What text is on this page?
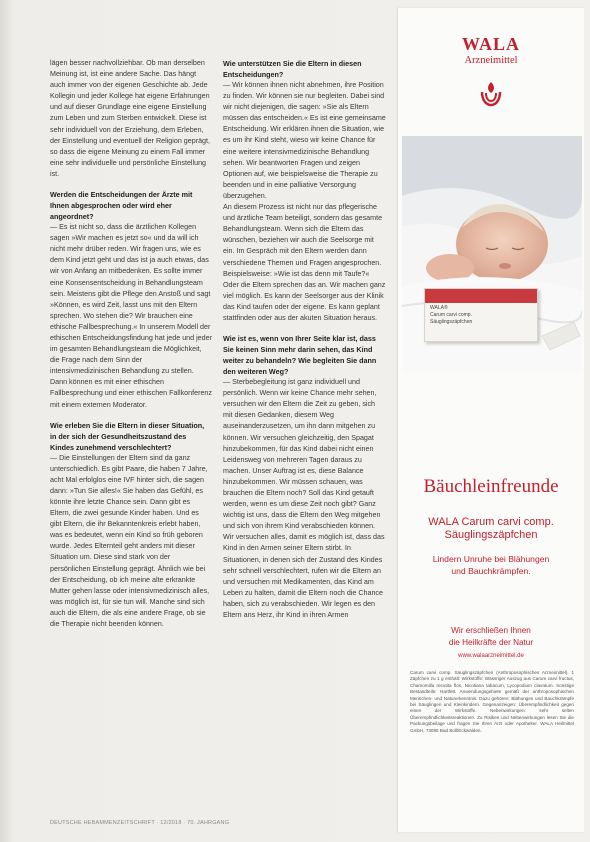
lägen besser nachvollziehbar. Ob man derselben Meinung ist, ist eine andere Sache. Das hängt auch immer von der eigenen Geschichte ab. Jede Kollegin und jeder Kollege hat eigene Erfahrungen und auf dieser Grundlage eine eigene Einstellung zum Leben und zum Sterben entwickelt. Diese ist sehr individuell von der Erziehung, dem Erleben, der Einstellung und eventuell der Religion geprägt, so dass die eigene Meinung zu einem Fall immer eine sehr individuelle und persönliche Einstellung ist.

Werden die Entscheidungen der Ärzte mit Ihnen abgesprochen oder wird eher angeordnet?

— Es ist nicht so, dass die ärztlichen Kollegen sagen »Wir machen es jetzt so« und da will ich nicht mehr drüber reden. Wir fragen uns, wie es dem Kind jetzt geht und das ist ja auch etwas, das wir von Anfang an mitbedenken. Es sollte immer eine Konsensentscheidung in Behandlungsteam sein. Meistens gibt die Pflege den Anstoß und sagt »Können, es wird Zeit, lasst uns mit den Eltern sprechen. Wo stehen die? Wir brauchen eine ethische Fallbesprechung.« In unserem Modell der ethischen Entscheidungsfindung hat jede und jeder im gesamten Behandlungsteam die Möglichkeit, die Frage nach dem Sinn der intensivmedizinischen Behandlung zu stellen. Dann können es mit einer ethischen Fallbesprechung und einer ethischen Fallkonferenz mit einem externen Moderator.

Wie erleben Sie die Eltern in dieser Situation, in der sich der Gesundheitszustand des Kindes zunehmend verschlechtert?

— Die Einstellungen der Eltern sind da ganz unterschiedlich. Es gibt Paare, die haben 7 Jahre, acht Mal erfolglos eine IVF hinter sich, die sagen dann: »Tun Sie alles!« Sie haben das Gefühl, es könnte ihre letzte Chance sein. Dann gibt es Eltern, die zwei gesunde Kinder haben. Und es gibt Eltern, die ihr Bekanntenkreis erlebt haben, was es bedeutet, wenn ein Kind so früh geboren wurde. Jedes Elternteil geht anders mit dieser Situation um. Diese sind stark von der persönlichen Einstellung geprägt. Ähnlich wie bei der Entscheidung, ob ich meine alte erkrankte Mutter gehen lasse oder intensivmedizinisch alles, was möglich ist, für sie tun will. Manche sind sich auch die Eltern, die als eine andere Frage, ob sie die Therapie nicht beenden können.

Wie unterstützen Sie die Eltern in diesen Entscheidungen?

— Wir können ihnen nicht abnehmen, ihre Position zu finden. Wir können sie nur begleiten. Dabei sind wir nicht diejenigen, die sagen: »Sie als Eltern müssen das entscheiden.« Es ist eine gemeinsame Entscheidung. Wir erklären ihnen die Situation, wie es um ihr Kind steht, wieso wir keine Chance für eine weitere intensivmedizinische Behandlung sehen. Wir beantworten Fragen und zeigen Optionen auf, wie beispielsweise die Therapie zu beenden und in eine palliative Versorgung überzugehen.

An diesem Prozess ist nicht nur das pflegerische und ärztliche Team beteiligt, sondern das gesamte Behandlungsteam. Wenn sich die Eltern das wünschen, beziehen wir auch die Seelsorge mit ein. Im Gespräch mit den Eltern werden dann verschiedene Themen und Fragen angesprochen. Beispielsweise: »Wie ist das denn mit Taufe?« Oder die Eltern sprechen das an. Wir machen ganz viel möglich. Es kann der Seelsorger aus der Klinik das Kind taufen oder der eigene. Es kann geplant stattfinden oder aus der akuten Situation heraus.

Wie ist es, wenn von Ihrer Seite klar ist, dass Sie keinen Sinn mehr darin sehen, das Kind weiter zu behandeln? Wie begleiten Sie dann den weiteren Weg?

— Sterbebegleitung ist ganz individuell und persönlich. Wenn wir keine Chance mehr sehen, versuchen wir den Eltern die Zeit zu geben, sich mit diesen Gedanken, diesem Weg auseinanderzusetzen, um ihn dann mitgehen zu können. Wir versuchen gleichzeitig, den Spagat hinzubekommen, für das Kind dabei nicht einen Leidensweg von mehreren Tagen daraus zu machen. Unser Auftrag ist es, diese Balance hinzubekommen. Wir müssen schauen, was brauchen die Eltern noch? Soll das Kind getauft werden, wenn es um diese Zeit noch gibt? Ganz wichtig ist uns, dass die Eltern den Weg mitgehen und sich von ihrem Kind verabschieden können. Wir versuchen alles, damit es möglich ist, dass das Kind in den Armen seiner Eltern stirbt. In Situationen, in denen sich der Zustand des Kindes sehr schnell verschlechtert, rufen wir die Eltern an und versuchen mit Medikamenten, das Kind am Leben zu halten, damit die Eltern noch die Chance haben, sich zu verabschieden. Wir legen es den Eltern ans Herz, ihr Kind in ihren Armen

DEUTSCHE HEBAMMENZEITSCHRIFT · 12/2018 · 70. JAHRGANG
WALA
Arzneimittel
WALA®
Carum carvi comp.
Säuglingszäpfchen
Bäuchleinfreunde
WALA Carum carvi comp.
Säuglingszäpfchen
Lindern Unruhe bei Blähungen
und Bauchkrämpfen.
Wir erschließen Ihnen
die Heilkräfte der Natur
www.walaarzneimittel.de
Carum carvi comp. Säuglingszäpfchen (Anthroposophisches Arzneimittel). 1 Zäpfchen zu 1 g enthält: Wirkstoffe: Wässriger Auszug aus Carum carvi fructus, Chamomilla recutita flos, Nicotiana tabacum, Lycopodium clavatum. Sonstige Bestandteile: Hartfett. Anwendungsgebiete gemäß der anthroposophischen Menschen- und Naturerkenntnis. Dazu gehören: Blähungen und Bauchkrämpfe bei Säuglingen und Kleinkindern. Gegenanzeigen: Überempfindlichkeit gegen einen der Wirkstoffe. Nebenwirkungen: sehr selten Überempfindlichkeitsreaktionen. Zu Risiken und Nebenwirkungen lesen Sie die Packungsbeilage und fragen Sie Ihren Arzt oder Apotheker. WALA Heilmittel GmbH, 73085 Bad Boll/Eckwälden.
